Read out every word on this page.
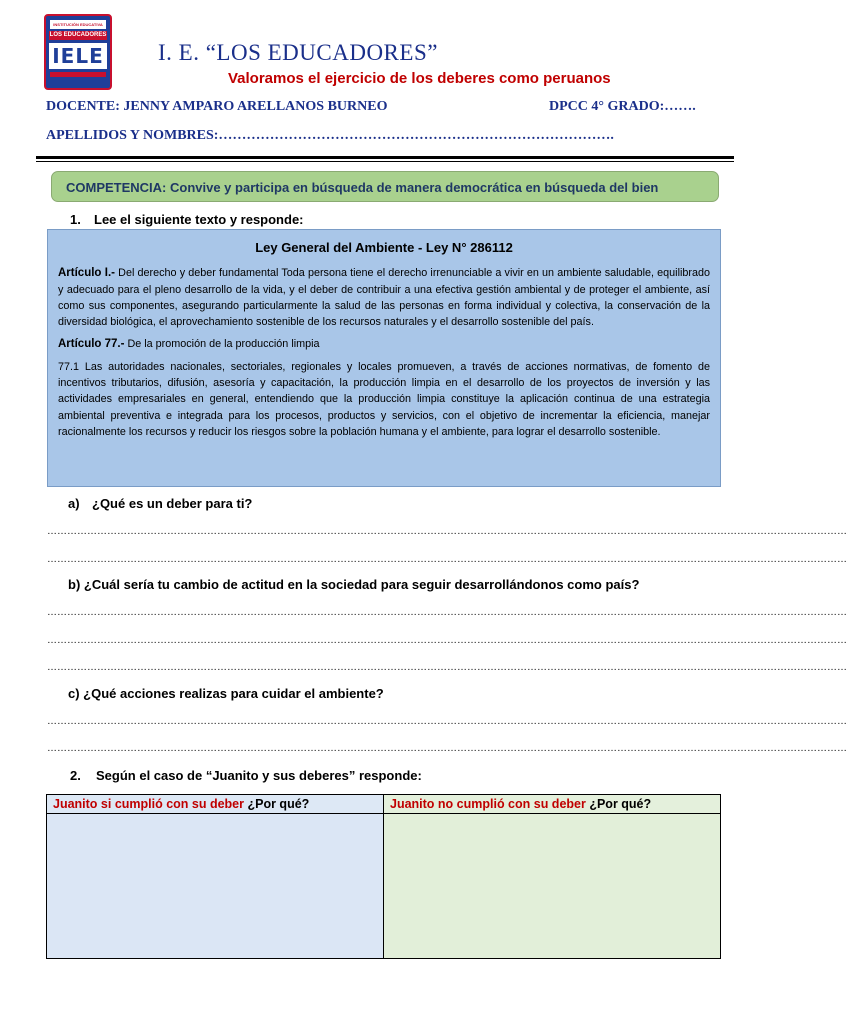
INSTITUCIÓN EDUCATIVA
LOS EDUCADORES
IELE I. E. “LOS EDUCADORES”
Valoramos el ejercicio de los deberes como peruanos
DOCENTE: JENNY AMPARO ARELLANOS BURNEO	DPCC 4° GRADO:…….
APELLIDOS Y NOMBRES:………………………………………………………………………….
COMPETENCIA: Convive y participa en búsqueda de manera democrática en búsqueda del bien
1. Lee el siguiente texto y responde:
Ley General del Ambiente - Ley N° 286112

Artículo I.- Del derecho y deber fundamental Toda persona tiene el derecho irrenunciable a vivir en un ambiente saludable, equilibrado y adecuado para el pleno desarrollo de la vida, y el deber de contribuir a una efectiva gestión ambiental y de proteger el ambiente, así como sus componentes, asegurando particularmente la salud de las personas en forma individual y colectiva, la conservación de la diversidad biológica, el aprovechamiento sostenible de los recursos naturales y el desarrollo sostenible del país.

Artículo 77.- De la promoción de la producción limpia

77.1 Las autoridades nacionales, sectoriales, regionales y locales promueven, a través de acciones normativas, de fomento de incentivos tributarios, difusión, asesoría y capacitación, la producción limpia en el desarrollo de los proyectos de inversión y las actividades empresariales en general, entendiendo que la producción limpia constituye la aplicación continua de una estrategia ambiental preventiva e integrada para los procesos, productos y servicios, con el objetivo de incrementar la eficiencia, manejar racionalmente los recursos y reducir los riesgos sobre la población humana y el ambiente, para lograr el desarrollo sostenible.

a) ¿Qué es un deber para ti?
……………………………………………………………………………………………………………………………………………………………………………………………………………………
……………………………………………………………………………………………………………………………………………………………………………………………………………………
b) ¿Cuál sería tu cambio de actitud en la sociedad para seguir desarrollándonos como país?
……………………………………………………………………………………………………………………………………………………………………………………………………………………
……………………………………………………………………………………………………………………………………………………………………………………………………………………
……………………………………………………………………………………………………………………………………………………………………………………………………………………
c) ¿Qué acciones realizas para cuidar el ambiente?
……………………………………………………………………………………………………………………………………………………………………………………………………………………
……………………………………………………………………………………………………………………………………………………………………………………………………………………
2. Según el caso de “Juanito y sus deberes” responde:
Juanito si cumplió con su deber ¿Por qué?	Juanito no cumplió con su deber ¿Por qué?
